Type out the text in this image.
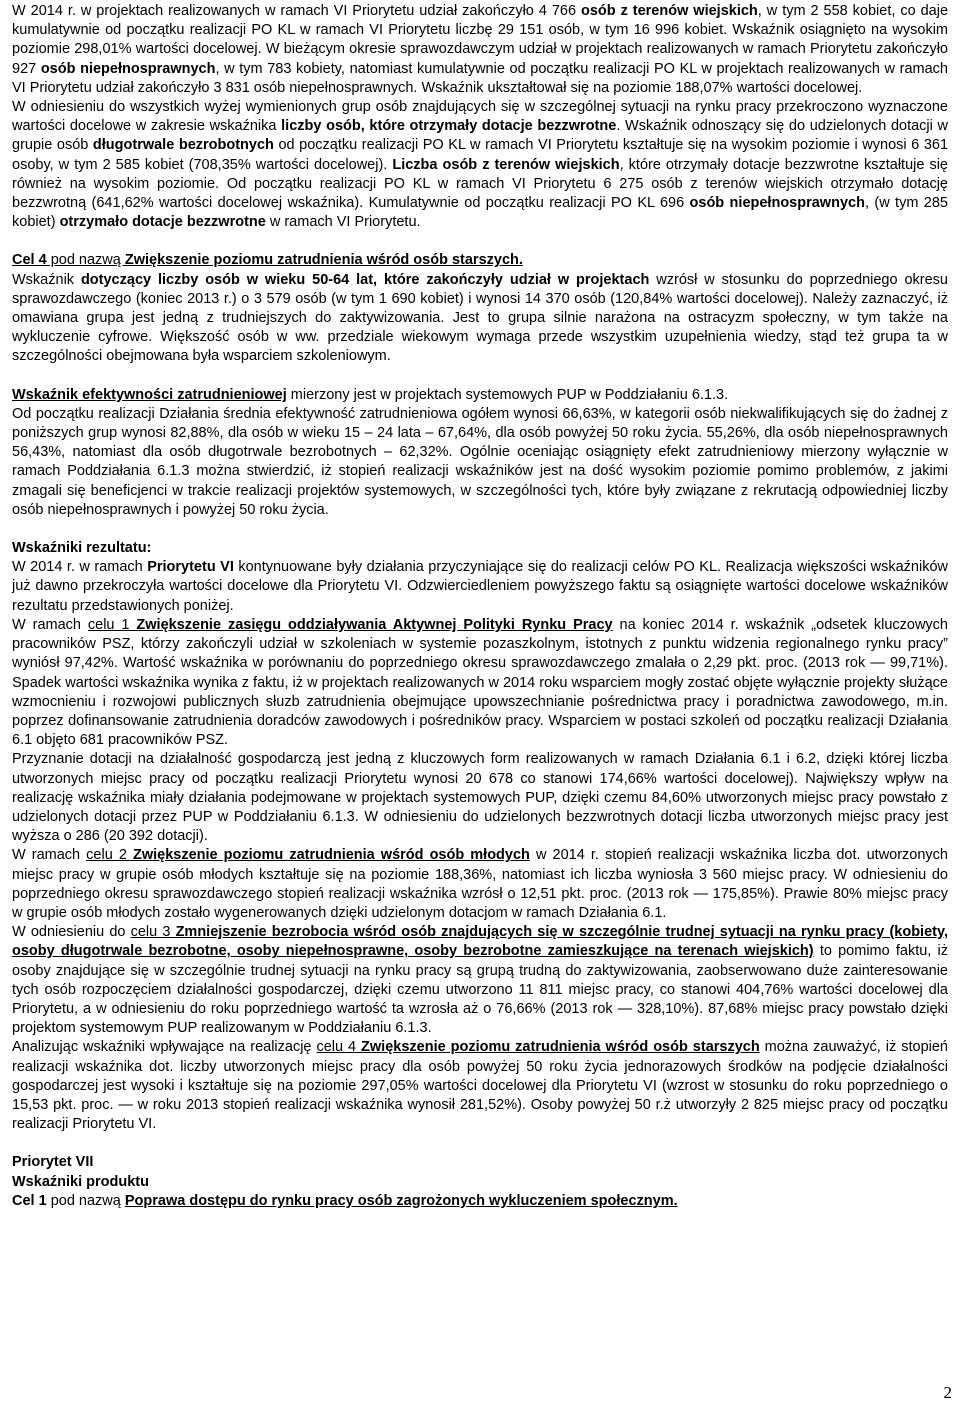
W 2014 r. w projektach realizowanych w ramach VI Priorytetu udział zakończyło 4 766 osób z terenów wiejskich, w tym 2 558 kobiet, co daje kumulatywnie od początku realizacji PO KL w ramach VI Priorytetu liczbę 29 151 osób, w tym 16 996 kobiet. Wskaźnik osiągnięto na wysokim poziomie 298,01% wartości docelowej. W bieżącym okresie sprawozdawczym udział w projektach realizowanych w ramach Priorytetu zakończyło 927 osób niepełnosprawnych, w tym 783 kobiety, natomiast kumulatywnie od początku realizacji PO KL w projektach realizowanych w ramach VI Priorytetu udział zakończyło 3 831 osób niepełnosprawnych. Wskaźnik ukształtował się na poziomie 188,07% wartości docelowej.

W odniesieniu do wszystkich wyżej wymienionych grup osób znajdujących się w szczególnej sytuacji na rynku pracy przekroczono wyznaczone wartości docelowe w zakresie wskaźnika liczby osób, które otrzymały dotacje bezzwrotne. Wskaźnik odnoszący się do udzielonych dotacji w grupie osób długotrwale bezrobotnych od początku realizacji PO KL w ramach VI Priorytetu kształtuje się na wysokim poziomie i wynosi 6 361 osoby, w tym 2 585 kobiet (708,35% wartości docelowej). Liczba osób z terenów wiejskich, które otrzymały dotacje bezzwrotne kształtuje się również na wysokim poziomie. Od początku realizacji PO KL w ramach VI Priorytetu 6 275 osób z terenów wiejskich otrzymało dotację bezzwrotną (641,62% wartości docelowej wskaźnika). Kumulatywnie od początku realizacji PO KL 696 osób niepełnosprawnych, (w tym 285 kobiet) otrzymało dotacje bezzwrotne w ramach VI Priorytetu.

Cel 4 pod nazwą Zwiększenie poziomu zatrudnienia wśród osób starszych.

Wskaźnik dotyczący liczby osób w wieku 50-64 lat, które zakończyły udział w projektach wzrósł w stosunku do poprzedniego okresu sprawozdawczego (koniec 2013 r.) o 3 579 osób (w tym 1 690 kobiet) i wynosi 14 370 osób (120,84% wartości docelowej). Należy zaznaczyć, iż omawiana grupa jest jedną z trudniejszych do zaktywizowania. Jest to grupa silnie narażona na ostracyzm społeczny, w tym także na wykluczenie cyfrowe. Większość osób w ww. przedziale wiekowym wymaga przede wszystkim uzupełnienia wiedzy, stąd też grupa ta w szczególności obejmowana była wsparciem szkoleniowym.

Wskaźnik efektywności zatrudnieniowej mierzony jest w projektach systemowych PUP w Poddziałaniu 6.1.3.

Od początku realizacji Działania średnia efektywność zatrudnieniowa ogółem wynosi 66,63%, w kategorii osób niekwalifikujących się do żadnej z poniższych grup wynosi 82,88%, dla osób w wieku 15 – 24 lata – 67,64%, dla osób powyżej 50 roku życia. 55,26%, dla osób niepełnosprawnych 56,43%, natomiast dla osób długotrwale bezrobotnych – 62,32%. Ogólnie oceniając osiągnięty efekt zatrudnieniowy mierzony wyłącznie w ramach Poddziałania 6.1.3 można stwierdzić, iż stopień realizacji wskaźników jest na dość wysokim poziomie pomimo problemów, z jakimi zmagali się beneficjenci w trakcie realizacji projektów systemowych, w szczególności tych, które były związane z rekrutacją odpowiedniej liczby osób niepełnosprawnych i powyżej 50 roku życia.

Wskaźniki rezultatu:

W 2014 r. w ramach Priorytetu VI kontynuowane były działania przyczyniające się do realizacji celów PO KL. Realizacja większości wskaźników już dawno przekroczyła wartości docelowe dla Priorytetu VI. Odzwierciedleniem powyższego faktu są osiągnięte wartości docelowe wskaźników rezultatu przedstawionych poniżej.

W ramach celu 1 Zwiększenie zasięgu oddziaływania Aktywnej Polityki Rynku Pracy na koniec 2014 r. wskaźnik „odsetek kluczowych pracowników PSZ, którzy zakończyli udział w szkoleniach w systemie pozaszkolnym, istotnych z punktu widzenia regionalnego rynku pracy” wyniósł 97,42%. Wartość wskaźnika w porównaniu do poprzedniego okresu sprawozdawczego zmalała o 2,29 pkt. proc. (2013 rok — 99,71%). Spadek wartości wskaźnika wynika z faktu, iż w projektach realizowanych w 2014 roku wsparciem mogły zostać objęte wyłącznie projekty służące wzmocnieniu i rozwojowi publicznych słuzb zatrudnienia obejmujące upowszechnianie pośrednictwa pracy i poradnictwa zawodowego, m.in. poprzez dofinansowanie zatrudnienia doradców zawodowych i pośredników pracy. Wsparciem w postaci szkoleń od początku realizacji Działania 6.1 objęto 681 pracowników PSZ.

Przyznanie dotacji na działalność gospodarczą jest jedną z kluczowych form realizowanych w ramach Działania 6.1 i 6.2, dzięki której liczba utworzonych miejsc pracy od początku realizacji Priorytetu wynosi 20 678 co stanowi 174,66% wartości docelowej). Największy wpływ na realizację wskaźnika miały działania podejmowane w projektach systemowych PUP, dzięki czemu 84,60% utworzonych miejsc pracy powstało z udzielonych dotacji przez PUP w Poddziałaniu 6.1.3. W odniesieniu do udzielonych bezzwrotnych dotacji liczba utworzonych miejsc pracy jest wyższa o 286 (20 392 dotacji).

W ramach celu 2 Zwiększenie poziomu zatrudnienia wśród osób młodych w 2014 r. stopień realizacji wskaźnika liczba dot. utworzonych miejsc pracy w grupie osób młodych kształtuje się na poziomie 188,36%, natomiast ich liczba wyniosła 3 560 miejsc pracy. W odniesieniu do poprzedniego okresu sprawozdawczego stopień realizacji wskaźnika wzrósł o 12,51 pkt. proc. (2013 rok — 175,85%). Prawie 80% miejsc pracy w grupie osób młodych zostało wygenerowanych dzięki udzielonym dotacjom w ramach Działania 6.1.

W odniesieniu do celu 3 Zmniejszenie bezrobocia wśród osób znajdujących się w szczególnie trudnej sytuacji na rynku pracy (kobiety, osoby długotrwale bezrobotne, osoby niepełnosprawne, osoby bezrobotne zamieszkujące na terenach wiejskich) to pomimo faktu, iż osoby znajdujące się w szczególnie trudnej sytuacji na rynku pracy są grupą trudną do zaktywizowania, zaobserwowano duże zainteresowanie tych osób rozpoczęciem działalności gospodarczej, dzięki czemu utworzono 11 811 miejsc pracy, co stanowi 404,76% wartości docelowej dla Priorytetu, a w odniesieniu do roku poprzedniego wartość ta wzrosła aż o 76,66% (2013 rok — 328,10%). 87,68% miejsc pracy powstało dzięki projektom systemowym PUP realizowanym w Poddziałaniu 6.1.3.

Analizując wskaźniki wpływające na realizację celu 4 Zwiększenie poziomu zatrudnienia wśród osób starszych można zauważyć, iż stopień realizacji wskaźnika dot. liczby utworzonych miejsc pracy dla osób powyżej 50 roku życia jednorazowych środków na podjęcie działalności gospodarczej jest wysoki i kształtuje się na poziomie 297,05% wartości docelowej dla Priorytetu VI (wzrost w stosunku do roku poprzedniego o 15,53 pkt. proc. — w roku 2013 stopień realizacji wskaźnika wynosił 281,52%). Osoby powyżej 50 r.ż utworzyły 2 825 miejsc pracy od początku realizacji Priorytetu VI.

Priorytet VII

Wskaźniki produktu

Cel 1 pod nazwą Poprawa dostępu do rynku pracy osób zagrożonych wykluczeniem społecznym.

2
